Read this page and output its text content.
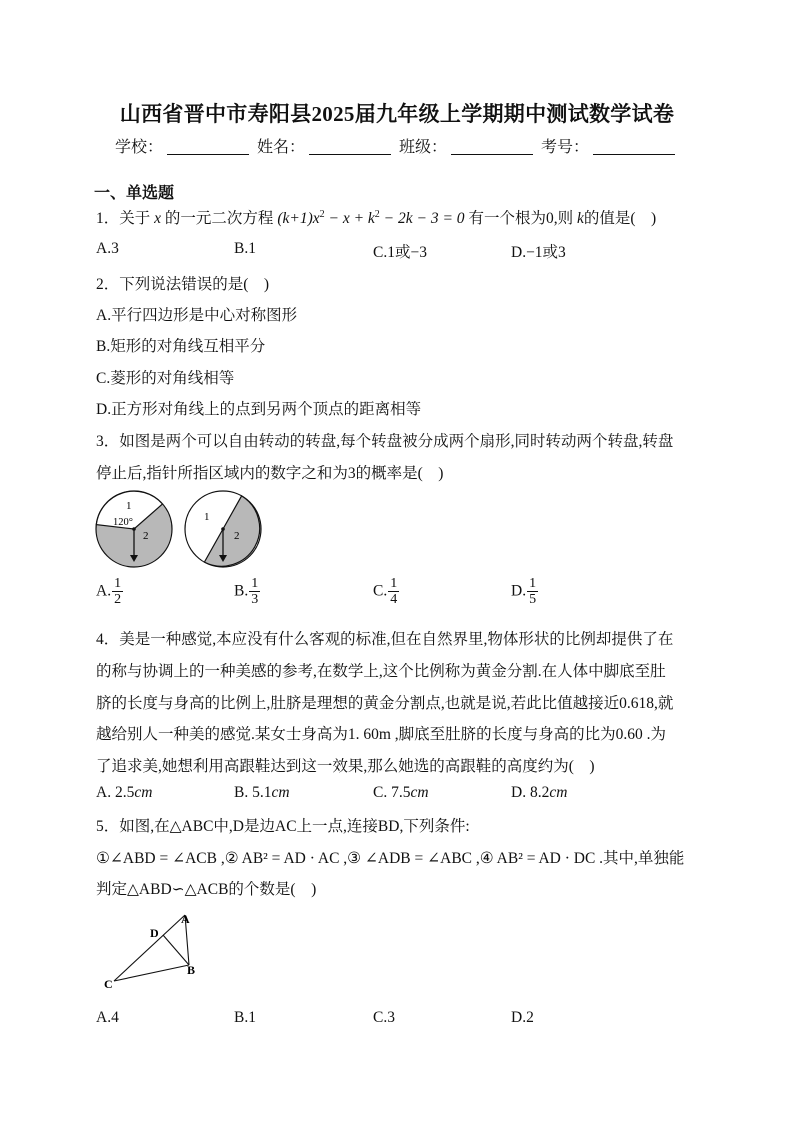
山西省晋中市寿阳县2025届九年级上学期期中测试数学试卷
学校：	姓名：	班级：	考号：
一、单选题
1．关于 x 的一元二次方程 $(k+1)x^2 - x + k^2 - 2k - 3 = 0$ 有一个根为0,则 k的值是(　)
A.3	B.1	C.1或−3	D.−1或3
2．下列说法错误的是(　)
A.平行四边形是中心对称图形
B.矩形的对角线互相平分
C.菱形的对角线相等
D.正方形对角线上的点到另两个顶点的距离相等
3．如图是两个可以自由转动的转盘,每个转盘被分成两个扇形,同时转动两个转盘,转盘
停止后,指针所指区域内的数字之和为3的概率是(　)
1
120°
2
1
2
A. $\frac{1}{2}$	B. $\frac{1}{3}$	C. $\frac{1}{4}$	D. $\frac{1}{5}$
4．美是一种感觉,本应没有什么客观的标准,但在自然界里,物体形状的比例却提供了在
的称与协调上的一种美感的参考,在数学上,这个比例称为黄金分割.在人体中脚底至肚
脐的长度与身高的比例上,肚脐是理想的黄金分割点,也就是说,若此比值越接近0.618,就
越给别人一种美的感觉.某女士身高为1. 60m ,脚底至肚脐的长度与身高的比为0.60 .为
了追求美,她想利用高跟鞋达到这一效果,那么她选的高跟鞋的高度约为(　)
A. 2.5cm	B. 5.1cm	C. 7.5cm	D. 8.2cm
5．如图,在△ABC中,D是边AC上一点,连接BD,下列条件:
①∠ABD = ∠ACB ,② AB² = AD · AC ,③ ∠ADB = ∠ABC ,④ AB² = AD · DC .其中,单独能
判定△ABD∽△ACB的个数是(　)
A
D
B
C
A.4	B.1	C.3	D.2
